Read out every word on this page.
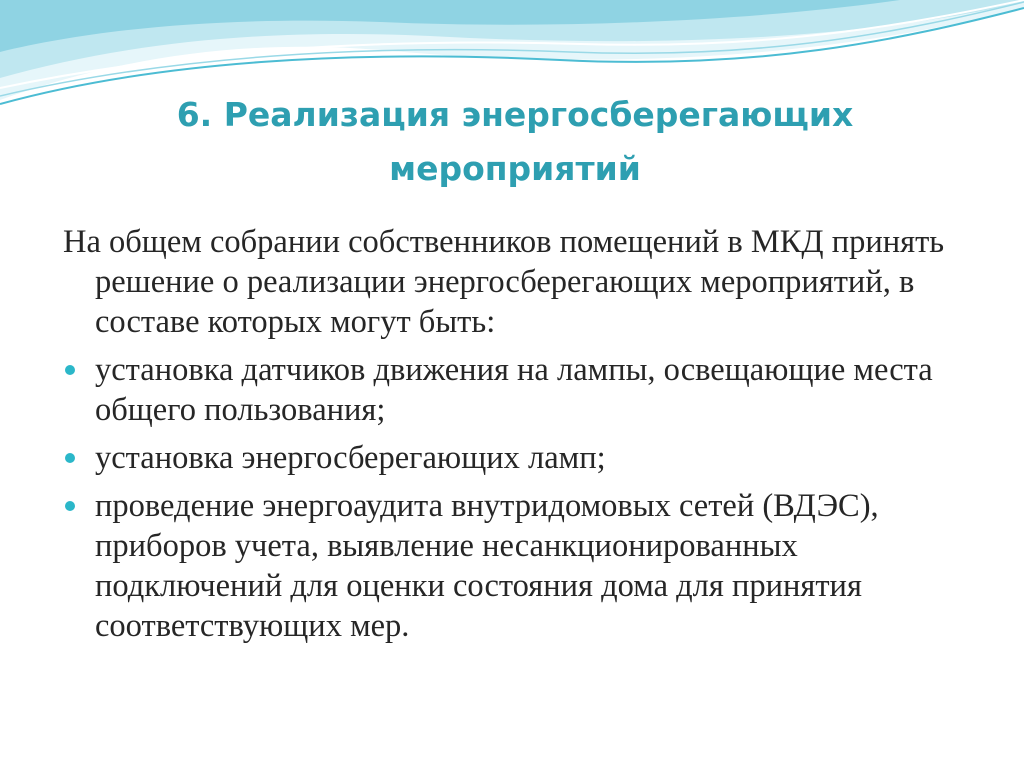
6. Реализация энергосберегающих
мероприятий

На общем собрании собственников помещений в МКД принять решение о реализации энергосберегающих мероприятий, в составе которых могут быть:

установка датчиков движения на лампы, освещающие места общего пользования;
установка энергосберегающих ламп;
проведение энергоаудита внутридомовых сетей (ВДЭС), приборов учета, выявление несанкционированных подключений для оценки состояния дома для принятия соответствующих мер.
